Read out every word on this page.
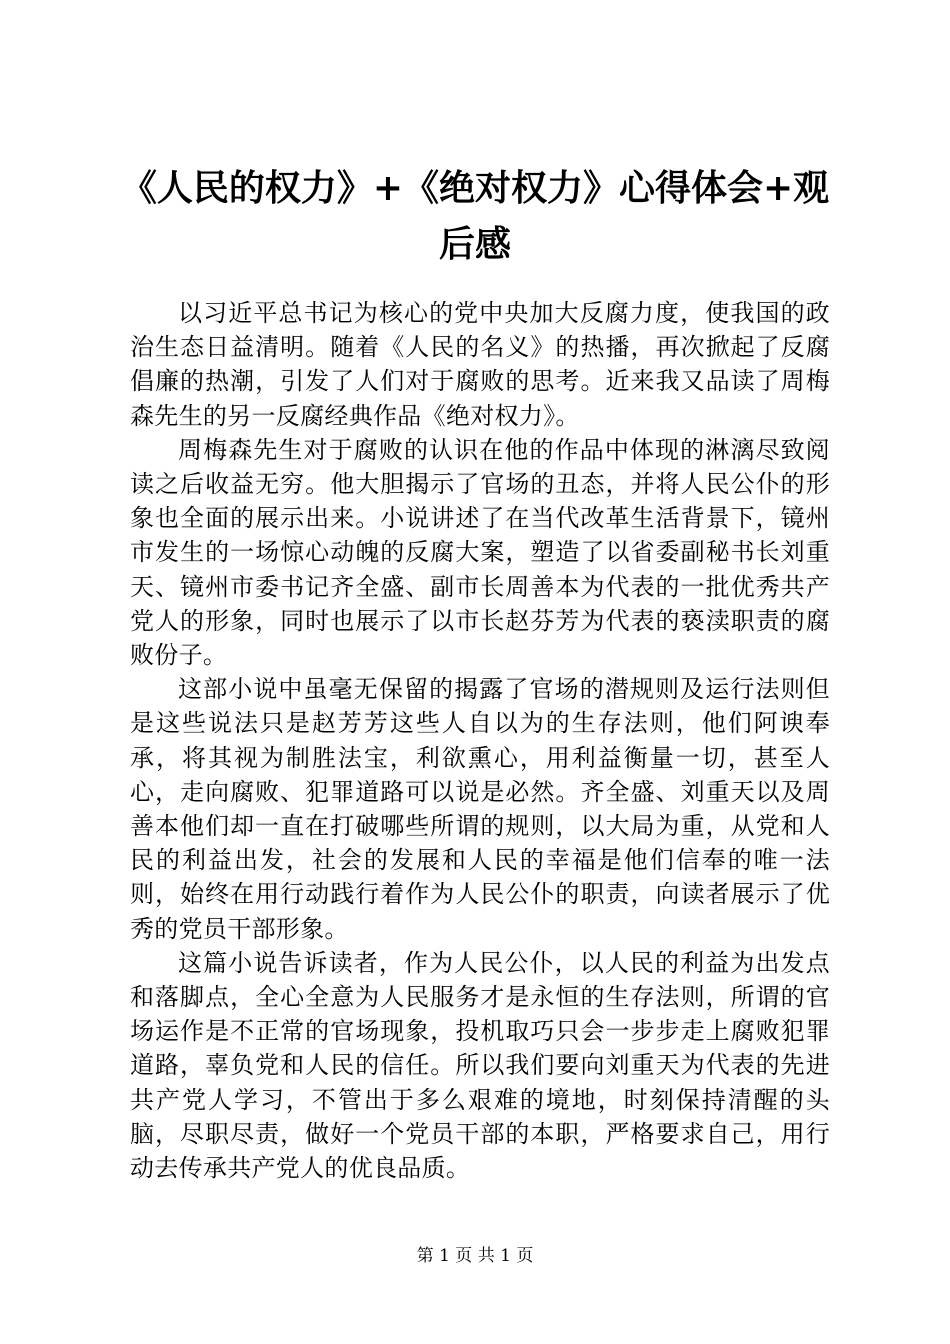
《人民的权力》+《绝对权力》心得体会+观后感

以习近平总书记为核心的党中央加大反腐力度，使我国的政治生态日益清明。随着《人民的名义》的热播，再次掀起了反腐倡廉的热潮，引发了人们对于腐败的思考。近来我又品读了周梅森先生的另一反腐经典作品《绝对权力》。

周梅森先生对于腐败的认识在他的作品中体现的淋漓尽致阅读之后收益无穷。他大胆揭示了官场的丑态，并将人民公仆的形象也全面的展示出来。小说讲述了在当代改革生活背景下，镜州市发生的一场惊心动魄的反腐大案，塑造了以省委副秘书长刘重天、镜州市委书记齐全盛、副市长周善本为代表的一批优秀共产党人的形象，同时也展示了以市长赵芬芳为代表的亵渎职责的腐败份子。

这部小说中虽毫无保留的揭露了官场的潜规则及运行法则但是这些说法只是赵芳芳这些人自以为的生存法则，他们阿谀奉承，将其视为制胜法宝，利欲熏心，用利益衡量一切，甚至人心，走向腐败、犯罪道路可以说是必然。齐全盛、刘重天以及周善本他们却一直在打破哪些所谓的规则，以大局为重，从党和人民的利益出发，社会的发展和人民的幸福是他们信奉的唯一法则，始终在用行动践行着作为人民公仆的职责，向读者展示了优秀的党员干部形象。

这篇小说告诉读者，作为人民公仆，以人民的利益为出发点和落脚点，全心全意为人民服务才是永恒的生存法则，所谓的官场运作是不正常的官场现象，投机取巧只会一步步走上腐败犯罪道路，辜负党和人民的信任。所以我们要向刘重天为代表的先进共产党人学习，不管出于多么艰难的境地，时刻保持清醒的头脑，尽职尽责，做好一个党员干部的本职，严格要求自己，用行动去传承共产党人的优良品质。

第 1 页 共 1 页
